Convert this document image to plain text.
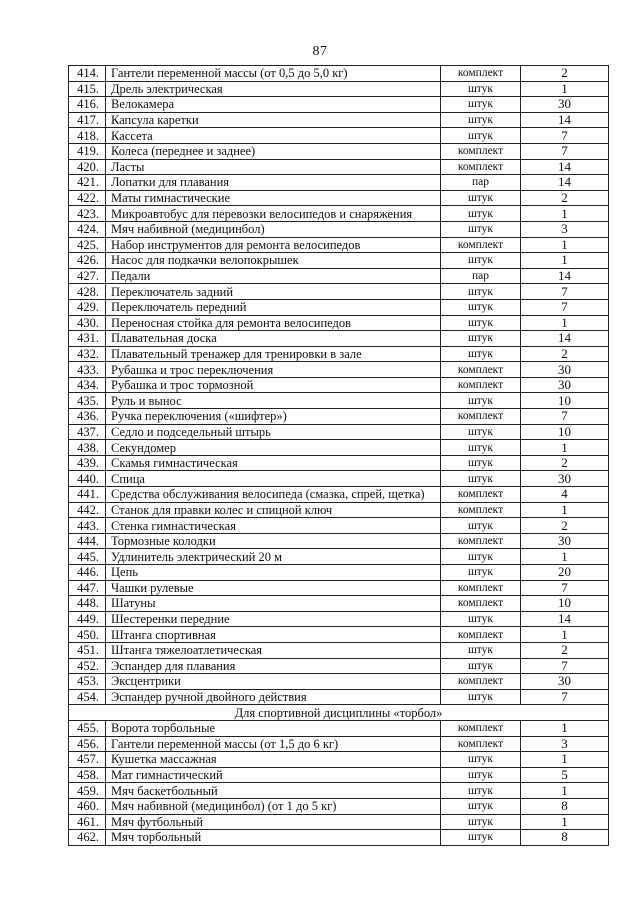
87
414.	Гантели переменной массы (от 0,5 до 5,0 кг)	комплект	2
415.	Дрель электрическая	штук	1
416.	Велокамера	штук	30
417.	Капсула каретки	штук	14
418.	Кассета	штук	7
419.	Колеса (переднее и заднее)	комплект	7
420.	Ласты	комплект	14
421.	Лопатки для плавания	пар	14
422.	Маты гимнастические	штук	2
423.	Микроавтобус для перевозки велосипедов и снаряжения	штук	1
424.	Мяч набивной (медицинбол)	штук	3
425.	Набор инструментов для ремонта велосипедов	комплект	1
426.	Насос для подкачки велопокрышек	штук	1
427.	Педали	пар	14
428.	Переключатель задний	штук	7
429.	Переключатель передний	штук	7
430.	Переносная стойка для ремонта велосипедов	штук	1
431.	Плавательная доска	штук	14
432.	Плавательный тренажер для тренировки в зале	штук	2
433.	Рубашка и трос переключения	комплект	30
434.	Рубашка и трос тормозной	комплект	30
435.	Руль и вынос	штук	10
436.	Ручка переключения («шифтер»)	комплект	7
437.	Седло и подседельный штырь	штук	10
438.	Секундомер	штук	1
439.	Скамья гимнастическая	штук	2
440.	Спица	штук	30
441.	Средства обслуживания велосипеда (смазка, спрей, щетка)	комплект	4
442.	Станок для правки колес и спицной ключ	комплект	1
443.	Стенка гимнастическая	штук	2
444.	Тормозные колодки	комплект	30
445.	Удлинитель электрический 20 м	штук	1
446.	Цепь	штук	20
447.	Чашки рулевые	комплект	7
448.	Шатуны	комплект	10
449.	Шестеренки передние	штук	14
450.	Штанга спортивная	комплект	1
451.	Штанга тяжелоатлетическая	штук	2
452.	Эспандер для плавания	штук	7
453.	Эксцентрики	комплект	30
454.	Эспандер ручной двойного действия	штук	7
Для спортивной дисциплины «торбол»			
455.	Ворота торбольные	комплект	1
456.	Гантели переменной массы (от 1,5 до 6 кг)	комплект	3
457.	Кушетка массажная	штук	1
458.	Мат гимнастический	штук	5
459.	Мяч баскетбольный	штук	1
460.	Мяч набивной (медицинбол) (от 1 до 5 кг)	штук	8
461.	Мяч футбольный	штук	1
462.	Мяч торбольный	штук	8
